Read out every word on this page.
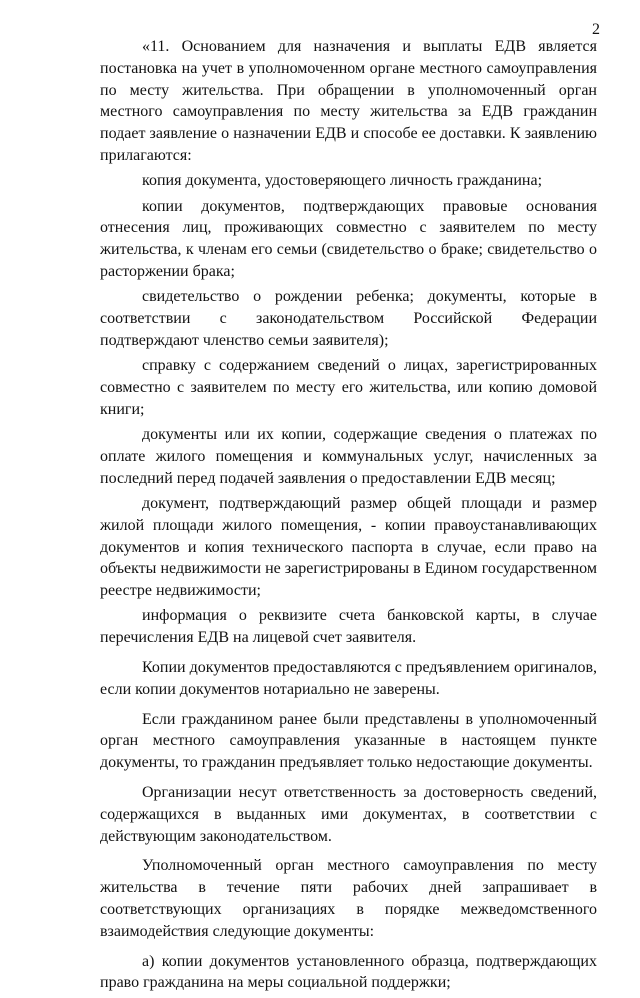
2

«11. Основанием для назначения и выплаты ЕДВ является постановка на учет в уполномоченном органе местного самоуправления по месту жительства. При обращении в уполномоченный орган местного самоуправления по месту жительства за ЕДВ гражданин подает заявление о назначении ЕДВ и способе ее доставки. К заявлению прилагаются:

копия документа, удостоверяющего личность гражданина;

копии документов, подтверждающих правовые основания отнесения лиц, проживающих совместно с заявителем по месту жительства, к членам его семьи (свидетельство о браке; свидетельство о расторжении брака;

свидетельство о рождении ребенка; документы, которые в соответствии с законодательством Российской Федерации подтверждают членство семьи заявителя);

справку с содержанием сведений о лицах, зарегистрированных совместно с заявителем по месту его жительства, или копию домовой книги;

документы или их копии, содержащие сведения о платежах по оплате жилого помещения и коммунальных услуг, начисленных за последний перед подачей заявления о предоставлении ЕДВ месяц;

документ, подтверждающий размер общей площади и размер жилой площади жилого помещения, - копии правоустанавливающих документов и копия технического паспорта в случае, если право на объекты недвижимости не зарегистрированы в Едином государственном реестре недвижимости;

информация о реквизите счета банковской карты, в случае перечисления ЕДВ на лицевой счет заявителя.

Копии документов предоставляются с предъявлением оригиналов, если копии документов нотариально не заверены.

Если гражданином ранее были представлены в уполномоченный орган местного самоуправления указанные в настоящем пункте документы, то гражданин предъявляет только недостающие документы.

Организации несут ответственность за достоверность сведений, содержащихся в выданных ими документах, в соответствии с действующим законодательством.

Уполномоченный орган местного самоуправления по месту жительства в течение пяти рабочих дней запрашивает в соответствующих организациях в порядке межведомственного взаимодействия следующие документы:

а) копии документов установленного образца, подтверждающих право гражданина на меры социальной поддержки;
